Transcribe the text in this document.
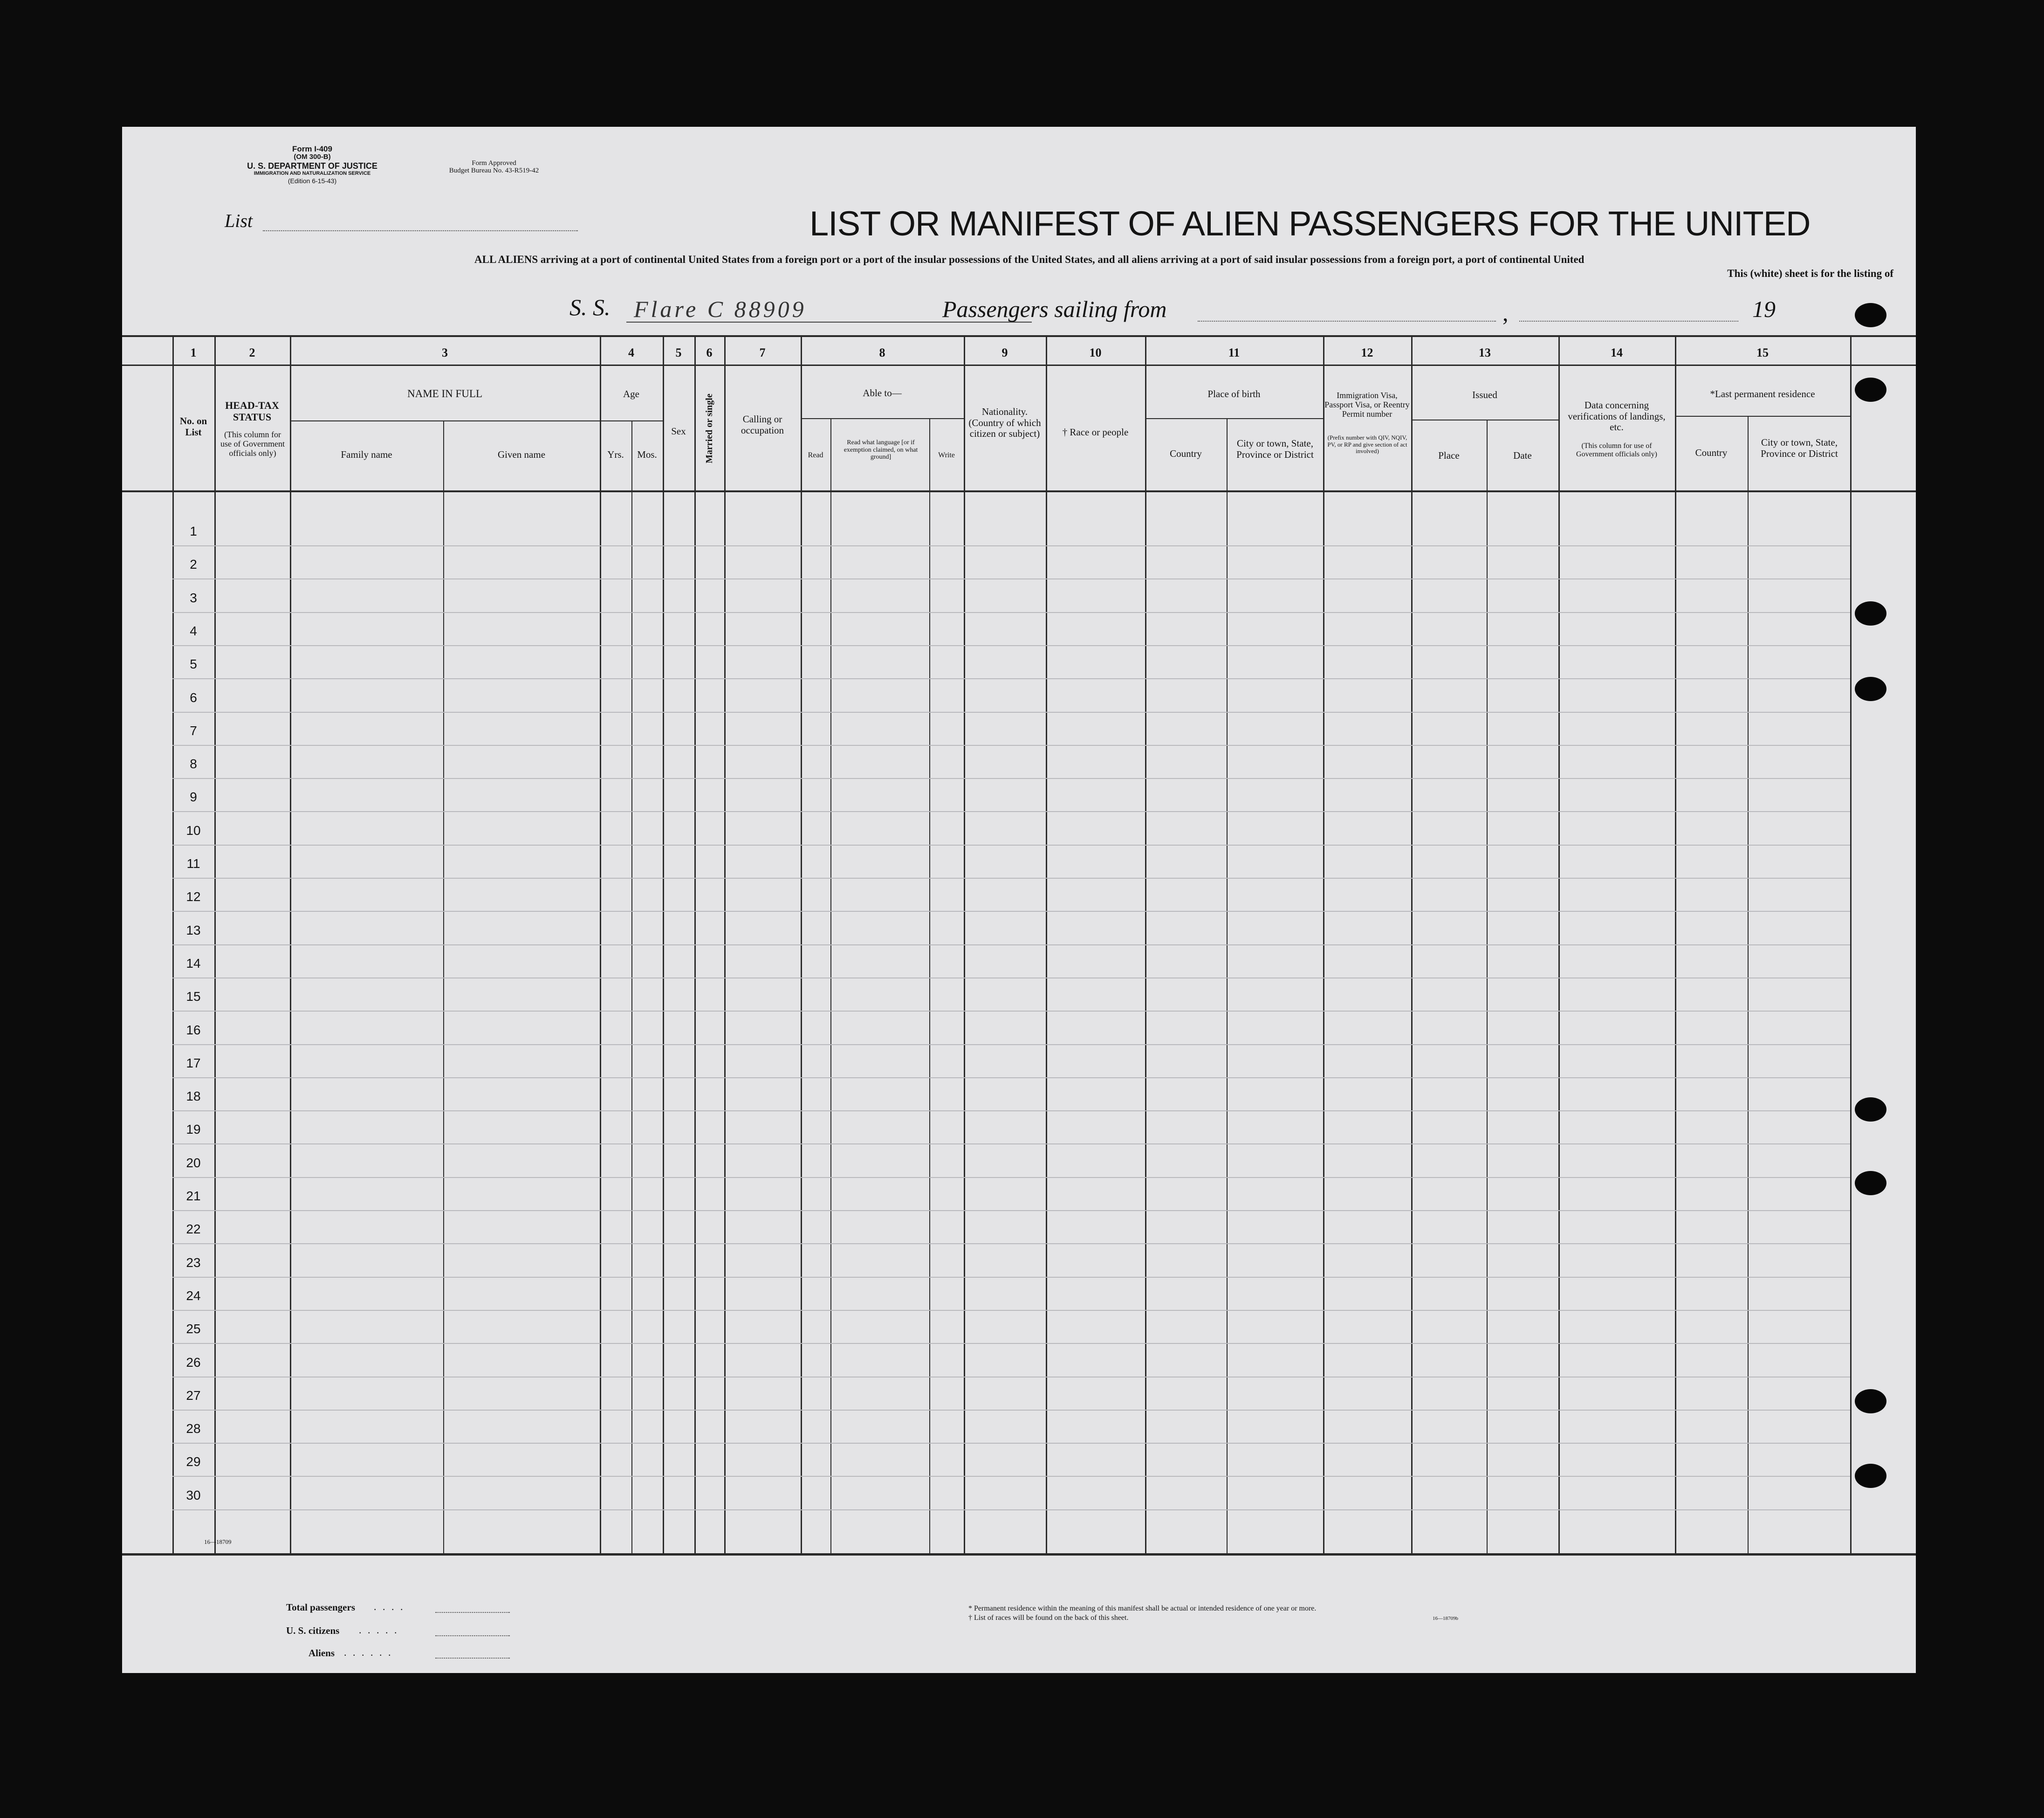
Form I-409
(OM 300-B)
U. S. DEPARTMENT OF JUSTICE
IMMIGRATION AND NATURALIZATION SERVICE
(Edition 6-15-43)
Form Approved
Budget Bureau No. 43-R519-42
List	LIST OR MANIFEST OF ALIEN PASSENGERS FOR THE UNITED
ALL ALIENS arriving at a port of continental United States from a foreign port or a port of the insular possessions of the United States, and all aliens arriving at a port of said insular possessions from a foreign port, a port of continental United
This (white) sheet is for the listing of
S. S. Flare C 88909	Passengers sailing from	,	19
1	2	3	4	5	6	7	8	9	10	11	12	13	14	15
No. on List
HEAD-TAX STATUS
(This column for use of Government officials only)
NAME IN FULL
Family name	Given name
Age
Yrs.	Mos.
Sex	Married or single	Calling or occupation
Able to—
Read
Read what language [or if exemption claimed, on what ground]	Write
Nationality. (Country of which citizen or subject)	† Race or people
Place of birth
Country
City or town, State, Province or District
Immigration Visa, Passport Visa, or Reentry Permit number
(Prefix number with QIV, NQIV, PV, or RP and give section of act involved)
Issued
Place	Date
Data concerning verifications of landings, etc.
(This column for use of Government officials only)
*Last permanent residence
Country
City or town, State, Province or District
1
2
3
4
5
6
7
8
9
10
11
12
13
14
15
16
17
18
19
20
21
22
23
24
25
26
27
28
29
30
16—18709
Total passengers . . . .
U. S. citizens . . . . .
Aliens . . . . . .
* Permanent residence within the meaning of this manifest shall be actual or intended residence of one year or more.
† List of races will be found on the back of this sheet.	16—18709b
